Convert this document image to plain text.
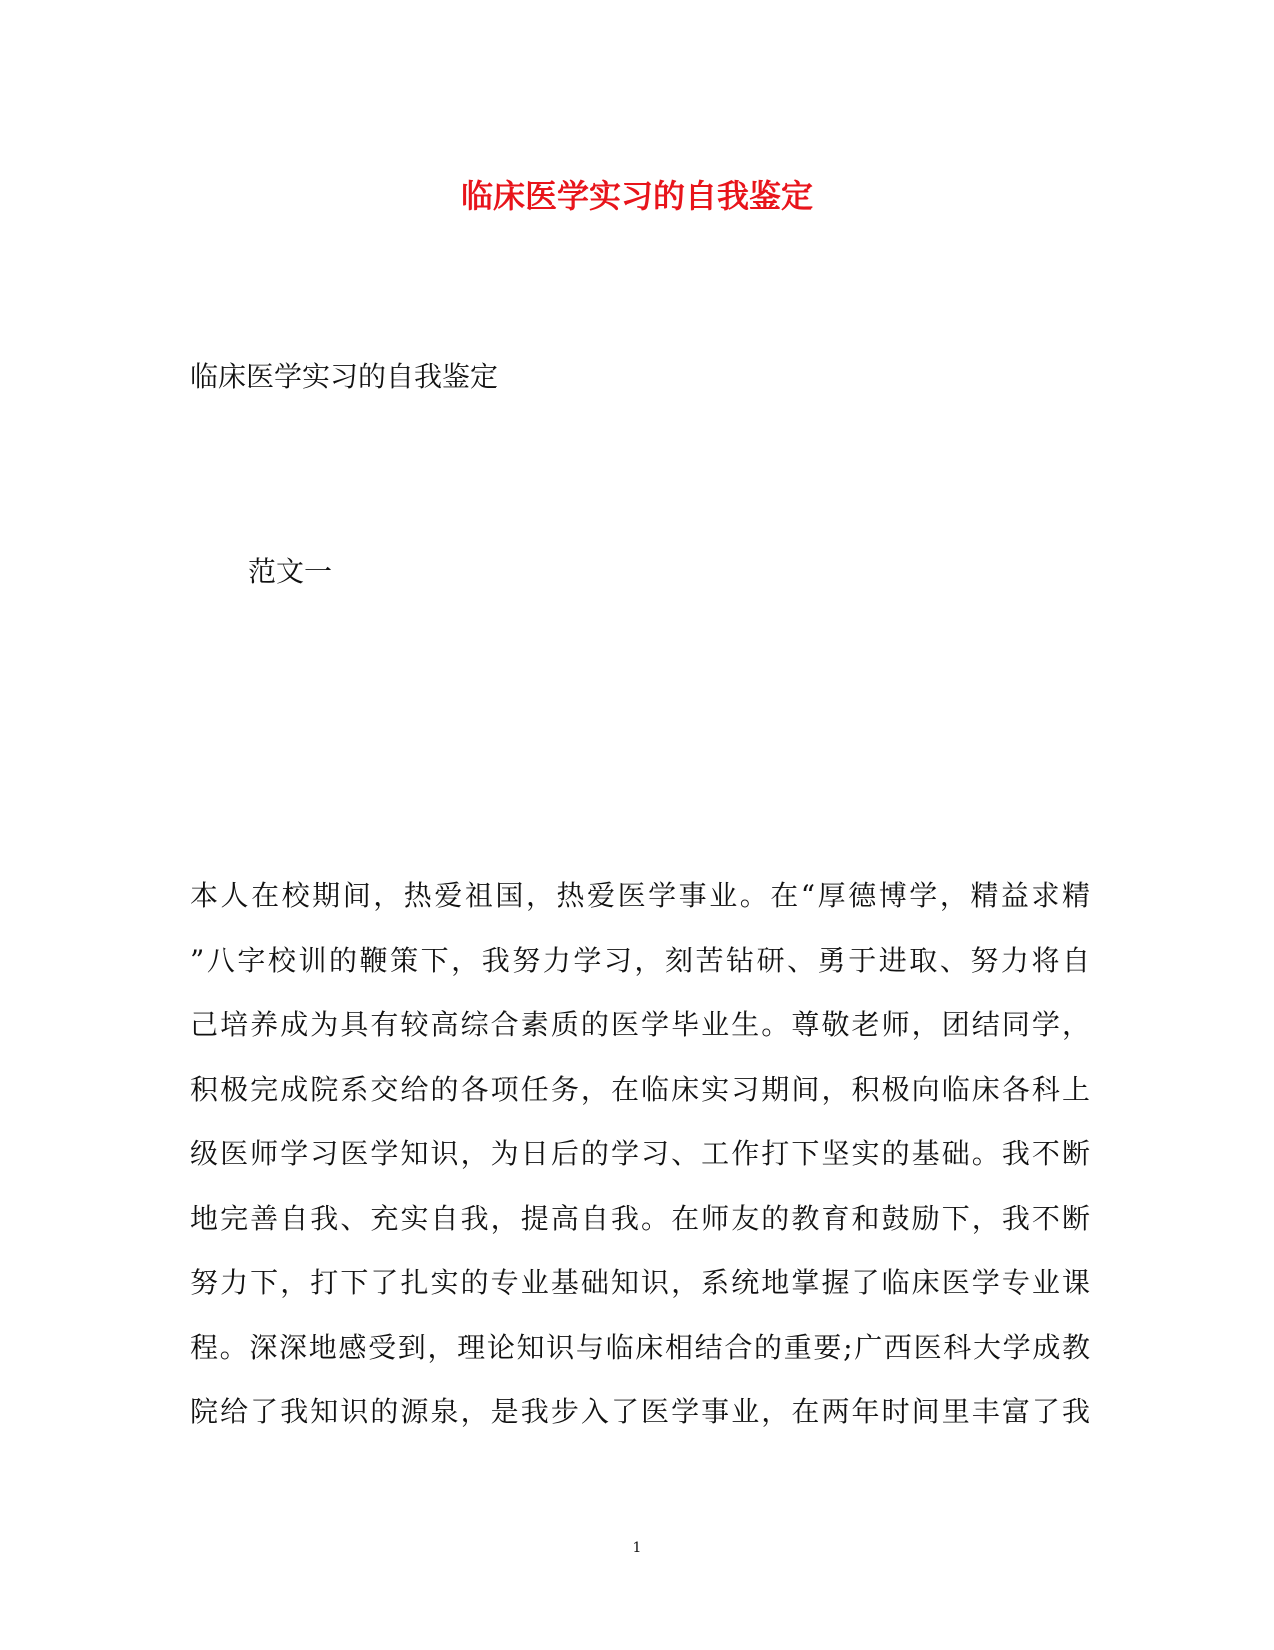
临床医学实习的自我鉴定

临床医学实习的自我鉴定

范文一

本人在校期间，热爱祖国，热爱医学事业。在“厚德博学，精益求精
”八字校训的鞭策下，我努力学习，刻苦钻研、勇于进取、努力将自
己培养成为具有较高综合素质的医学毕业生。尊敬老师，团结同学，
积极完成院系交给的各项任务，在临床实习期间，积极向临床各科上
级医师学习医学知识，为日后的学习、工作打下坚实的基础。我不断
地完善自我、充实自我，提高自我。在师友的教育和鼓励下，我不断
努力下，打下了扎实的专业基础知识，系统地掌握了临床医学专业课
程。深深地感受到，理论知识与临床相结合的重要;广西医科大学成教
院给了我知识的源泉，是我步入了医学事业，在两年时间里丰富了我
1
